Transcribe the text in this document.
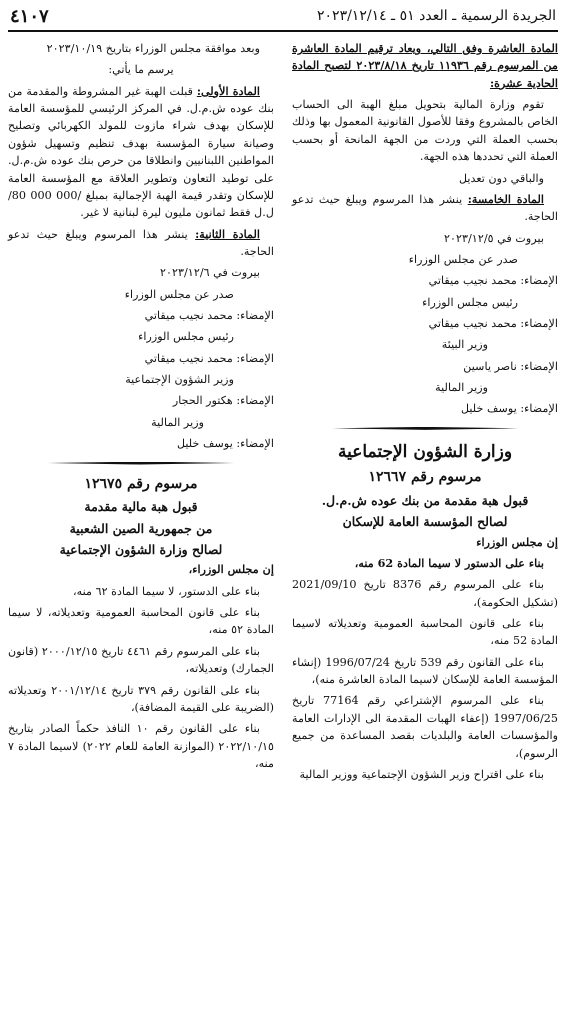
الجريدة الرسمية ـ العدد ٥١ ـ ٢٠٢٣/١٢/١٤
٤١٠٧

المادة العاشرة وفق التالي، ويعاد ترقيم المادة العاشرة من المرسوم رقم ١١٩٣٦ تاريخ ٢٠٢٣/٨/١٨ لتصبح المادة الحادية عشرة:

تقوم وزارة المالية بتحويل مبلغ الهبة الى الحساب الخاص بالمشروع وفقا للأصول القانونية المعمول بها وذلك بحسب العملة التي وردت من الجهة المانحة أو بحسب العملة التي تحددها هذه الجهة.

والباقي دون تعديل

المادة الخامسة: ينشر هذا المرسوم ويبلغ حيث تدعو الحاجة.

بيروت في ٢٠٢٣/١٢/٥

صدر عن مجلس الوزراء

الإمضاء: محمد نجيب ميقاتي

رئيس مجلس الوزراء

الإمضاء: محمد نجيب ميقاتي

وزير البيئة

الإمضاء: ناصر ياسين

وزير المالية

الإمضاء: يوسف خليل

وزارة الشؤون الإجتماعية
مرسوم رقم ١٢٦٦٧
قبول هبة مقدمة من بنك عوده ش.م.ل.
لصالح المؤسسة العامة للإسكان

إن مجلس الوزراء

بناء على الدستور لا سيما المادة 62 منه،

بناء على المرسوم رقم 8376 تاريخ 2021/09/10 (تشكيل الحكومة)،

بناء على قانون المحاسبة العمومية وتعديلاته لاسيما المادة 52 منه،

بناء على القانون رقم 539 تاريخ 1996/07/24 (إنشاء المؤسسة العامة للإسكان لاسيما المادة العاشرة منه)،

بناء على المرسوم الإشتراعي رقم 77164 تاريخ 1997/06/25 (إعفاء الهبات المقدمة الى الإدارات العامة والمؤسسات العامة والبلديات بقصد المساعدة من جميع الرسوم)،

بناء على اقتراح وزير الشؤون الإجتماعية ووزير المالية

وبعد موافقة مجلس الوزراء بتاريخ ٢٠٢٣/١٠/١٩

يرسم ما يأتي:

المادة الأولى: قبلت الهبة غير المشروطة والمقدمة من بنك عوده ش.م.ل. في المركز الرئيسي للمؤسسة العامة للإسكان بهدف شراء مازوت للمولد الكهربائي وتصليح وصيانة سيارة المؤسسة بهدف تنظيم وتسهيل شؤون المواطنين اللبنانيين وانطلاقا من حرص بنك عوده ش.م.ل. على توطيد التعاون وتطوير العلاقة مع المؤسسة العامة للإسكان وتقدر قيمة الهبة الإجمالية بمبلغ /000 000 80/ل.ل فقط ثمانون مليون ليرة لبنانية لا غير.

المادة الثانية: ينشر هذا المرسوم ويبلغ حيث تدعو الحاجة.

بيروت في ٢٠٢٣/١٢/٦

صدر عن مجلس الوزراء

الإمضاء: محمد نجيب ميقاتي

رئيس مجلس الوزراء

الإمضاء: محمد نجيب ميقاتي

وزير الشؤون الإجتماعية

الإمضاء: هكتور الحجار

وزير المالية

الإمضاء: يوسف خليل

مرسوم رقم ١٢٦٧٥
قبول هبة مالية مقدمة
من جمهورية الصين الشعبية
لصالح وزارة الشؤون الإجتماعية

إن مجلس الوزراء،

بناء على الدستور، لا سيما المادة ٦٢ منه،

بناء على قانون المحاسبة العمومية وتعديلاته، لا سيما المادة ٥٢ منه،

بناء على المرسوم رقم ٤٤٦١ تاريخ ٢٠٠٠/١٢/١٥ (قانون الجمارك) وتعديلاته،

بناء على القانون رقم ٣٧٩ تاريخ ٢٠٠١/١٢/١٤ وتعديلاته (الضريبة على القيمة المضافة)،

بناء على القانون رقم ١٠ النافذ حكماً الصادر بتاريخ ٢٠٢٢/١٠/١٥ (الموازنة العامة للعام ٢٠٢٢) لاسيما المادة ٧ منه،
